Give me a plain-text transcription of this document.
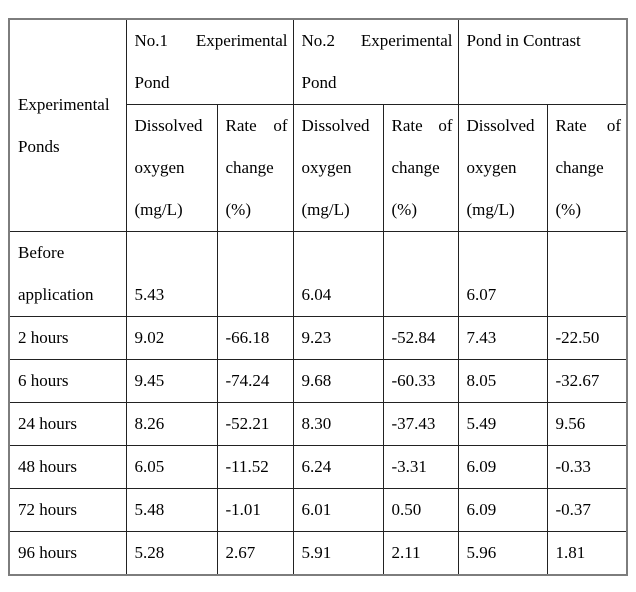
Experimental Ponds	No.1 Experimental Pond		No.2 Experimental Pond		Pond in Contrast	
	Dissolved oxygen (mg/L)	Rate of change (%)	Dissolved oxygen (mg/L)	Rate of change (%)	Dissolved oxygen (mg/L)	Rate of change (%)
Before application	5.43		6.04		6.07	
2 hours	9.02	-66.18	9.23	-52.84	7.43	-22.50
6 hours	9.45	-74.24	9.68	-60.33	8.05	-32.67
24 hours	8.26	-52.21	8.30	-37.43	5.49	9.56
48 hours	6.05	-11.52	6.24	-3.31	6.09	-0.33
72 hours	5.48	-1.01	6.01	0.50	6.09	-0.37
96 hours	5.28	2.67	5.91	2.11	5.96	1.81
